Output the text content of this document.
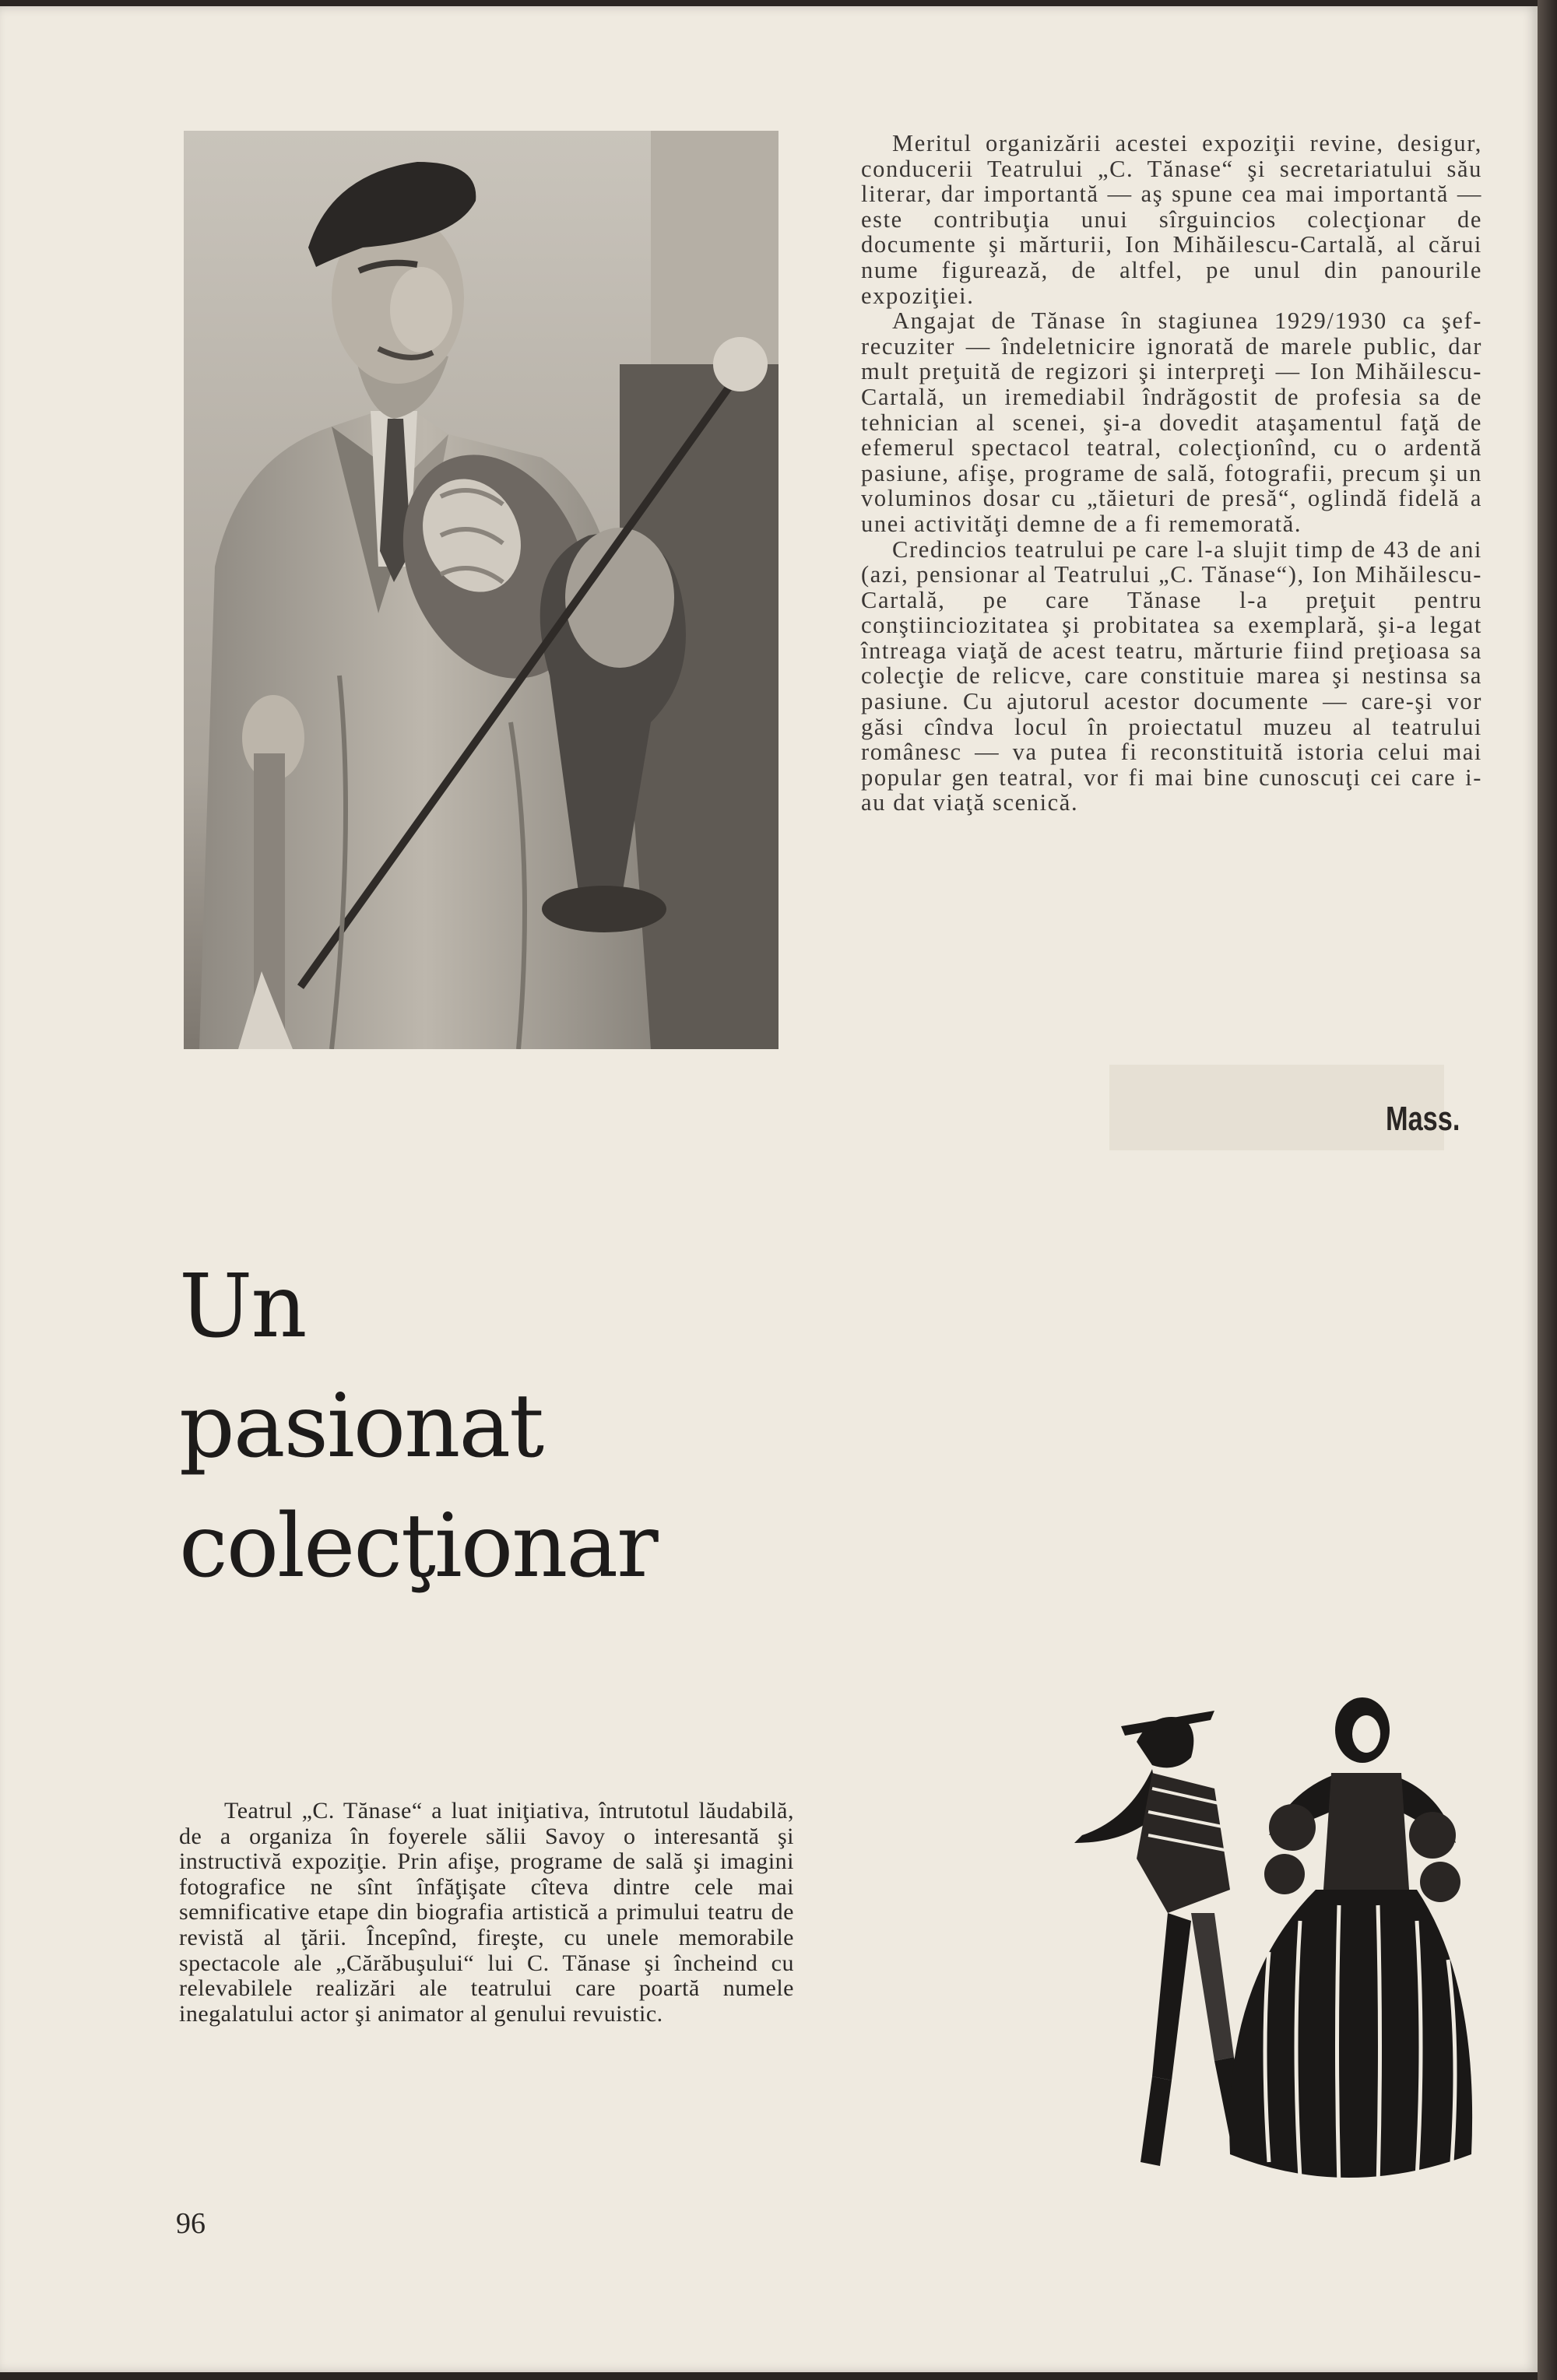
Meritul organizării acestei expoziţii revine, desigur, conducerii Teatrului „C. Tănase“ şi secretariatului său literar, dar importantă — aş spune cea mai importantă — este contribuţia unui sîrguincios colecţionar de documente şi mărturii, Ion Mihăilescu-Cartală, al cărui nume figurează, de altfel, pe unul din panourile expoziţiei.

Angajat de Tănase în stagiunea 1929/1930 ca şef-recuziter — îndeletnicire ignorată de marele public, dar mult preţuită de regizori şi interpreţi — Ion Mihăilescu-Cartală, un iremediabil îndrăgostit de profesia sa de tehnician al scenei, şi-a dovedit ataşamentul faţă de efemerul spectacol teatral, colecţionînd, cu o ardentă pasiune, afişe, programe de sală, fotografii, precum şi un voluminos dosar cu „tăieturi de presă“, oglindă fidelă a unei activităţi demne de a fi rememorată.

Credincios teatrului pe care l-a slujit timp de 43 de ani (azi, pensionar al Teatrului „C. Tănase“), Ion Mihăilescu-Cartală, pe care Tănase l-a preţuit pentru conştiinciozitatea şi probitatea sa exemplară, şi-a legat întreaga viaţă de acest teatru, mărturie fiind preţioasa sa colecţie de relicve, care constituie marea şi nestinsa sa pasiune. Cu ajutorul acestor documente — care-şi vor găsi cîndva locul în proiectatul muzeu al teatrului românesc — va putea fi reconstituită istoria celui mai popular gen teatral, vor fi mai bine cunoscuţi cei care i-au dat viaţă scenică.

Mass.
Un
pasionat
colecţionar

Teatrul „C. Tănase“ a luat iniţiativa, întrutotul lăudabilă, de a organiza în foyerele sălii Savoy o interesantă şi instructivă expoziţie. Prin afişe, programe de sală şi imagini fotografice ne sînt înfăţişate cîteva dintre cele mai semnificative etape din biografia artistică a primului teatru de revistă al ţării. Începînd, fireşte, cu unele memorabile spectacole ale „Cărăbuşului“ lui C. Tănase şi încheind cu relevabilele realizări ale teatrului care poartă numele inegalatului actor şi animator al genului revuistic.

96
